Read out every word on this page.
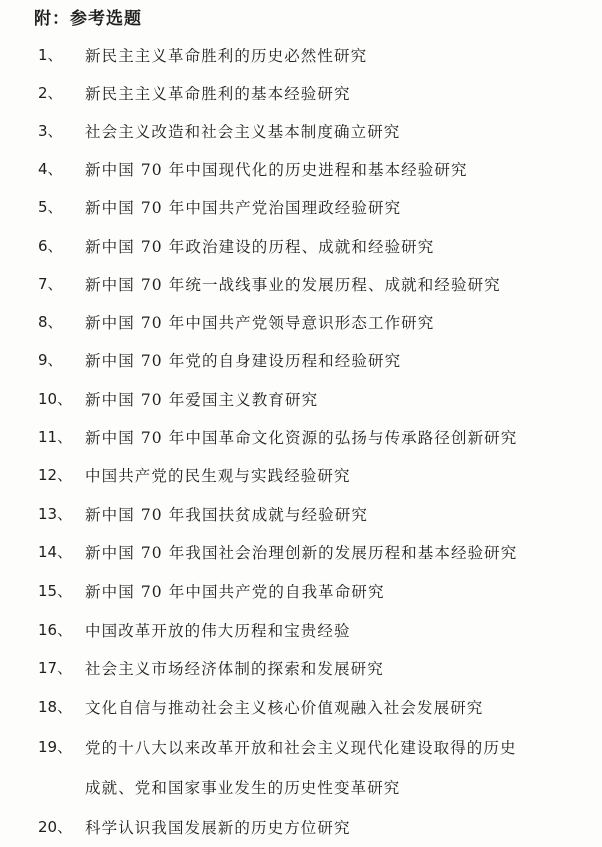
附：参考选题
1、 新民主主义革命胜利的历史必然性研究
2、 新民主主义革命胜利的基本经验研究
3、 社会主义改造和社会主义基本制度确立研究
4、 新中国 70 年中国现代化的历史进程和基本经验研究
5、 新中国 70 年中国共产党治国理政经验研究
6、 新中国 70 年政治建设的历程、成就和经验研究
7、 新中国 70 年统一战线事业的发展历程、成就和经验研究
8、 新中国 70 年中国共产党领导意识形态工作研究
9、 新中国 70 年党的自身建设历程和经验研究
10、 新中国 70 年爱国主义教育研究
11、 新中国 70 年中国革命文化资源的弘扬与传承路径创新研究
12、 中国共产党的民生观与实践经验研究
13、 新中国 70 年我国扶贫成就与经验研究
14、 新中国 70 年我国社会治理创新的发展历程和基本经验研究
15、 新中国 70 年中国共产党的自我革命研究
16、 中国改革开放的伟大历程和宝贵经验
17、 社会主义市场经济体制的探索和发展研究
18、 文化自信与推动社会主义核心价值观融入社会发展研究
19、 党的十八大以来改革开放和社会主义现代化建设取得的历史
成就、党和国家事业发生的历史性变革研究
20、 科学认识我国发展新的历史方位研究
